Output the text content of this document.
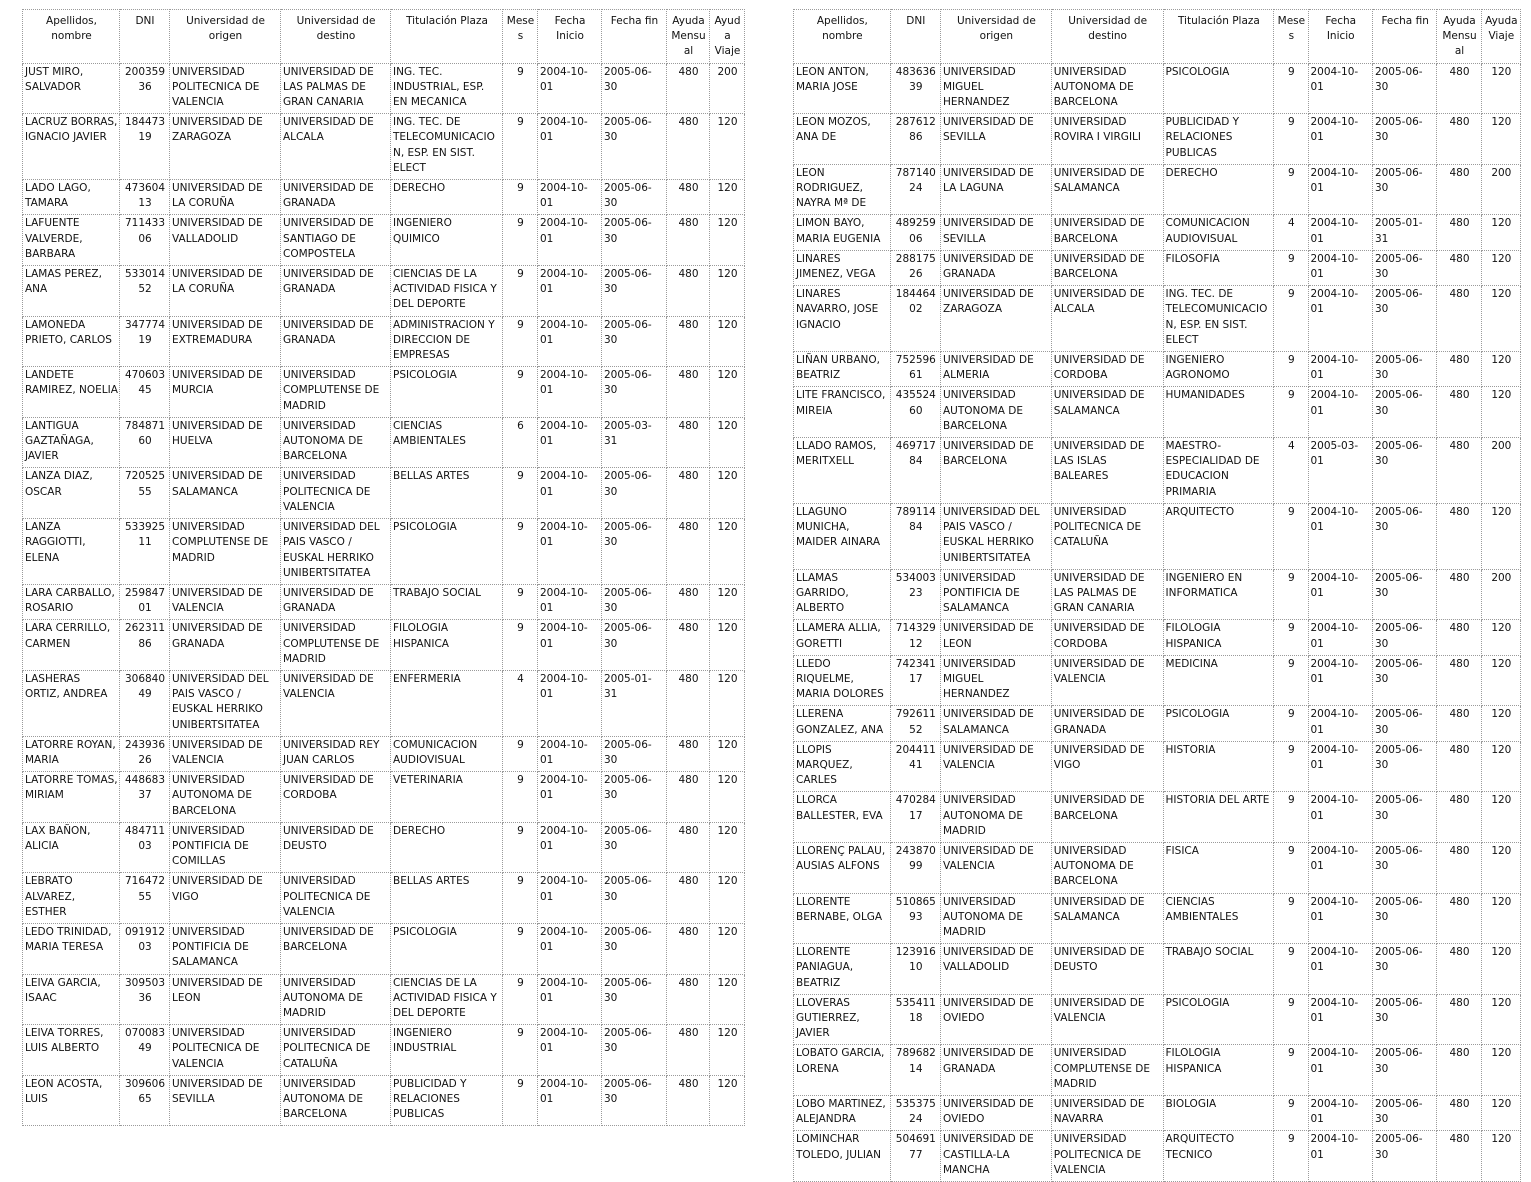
Apellidos, nombre	DNI	Universidad de origen	Universidad de destino	Titulación Plaza	Meses	Fecha Inicio	Fecha fin	Ayuda Mensual	Ayuda Viaje
JUST MIRO, SALVADOR	20035936	UNIVERSIDAD POLITECNICA DE VALENCIA	UNIVERSIDAD DE LAS PALMAS DE GRAN CANARIA	ING. TEC. INDUSTRIAL, ESP. EN MECANICA	9	2004-10-01	2005-06-30	480	200
LACRUZ BORRAS, IGNACIO JAVIER	18447319	UNIVERSIDAD DE ZARAGOZA	UNIVERSIDAD DE ALCALA	ING. TEC. DE TELECOMUNICACION, ESP. EN SIST. ELECT	9	2004-10-01	2005-06-30	480	120
LADO LAGO, TAMARA	47360413	UNIVERSIDAD DE LA CORUÑA	UNIVERSIDAD DE GRANADA	DERECHO	9	2004-10-01	2005-06-30	480	120
LAFUENTE VALVERDE, BARBARA	71143306	UNIVERSIDAD DE VALLADOLID	UNIVERSIDAD DE SANTIAGO DE COMPOSTELA	INGENIERO QUIMICO	9	2004-10-01	2005-06-30	480	120
LAMAS PEREZ, ANA	53301452	UNIVERSIDAD DE LA CORUÑA	UNIVERSIDAD DE GRANADA	CIENCIAS DE LA ACTIVIDAD FISICA Y DEL DEPORTE	9	2004-10-01	2005-06-30	480	120
LAMONEDA PRIETO, CARLOS	34777419	UNIVERSIDAD DE EXTREMADURA	UNIVERSIDAD DE GRANADA	ADMINISTRACION Y DIRECCION DE EMPRESAS	9	2004-10-01	2005-06-30	480	120
LANDETE RAMIREZ, NOELIA	47060345	UNIVERSIDAD DE MURCIA	UNIVERSIDAD COMPLUTENSE DE MADRID	PSICOLOGIA	9	2004-10-01	2005-06-30	480	120
LANTIGUA GAZTAÑAGA, JAVIER	78487160	UNIVERSIDAD DE HUELVA	UNIVERSIDAD AUTONOMA DE BARCELONA	CIENCIAS AMBIENTALES	6	2004-10-01	2005-03-31	480	120
LANZA DIAZ, OSCAR	72052555	UNIVERSIDAD DE SALAMANCA	UNIVERSIDAD POLITECNICA DE VALENCIA	BELLAS ARTES	9	2004-10-01	2005-06-30	480	120
LANZA RAGGIOTTI, ELENA	53392511	UNIVERSIDAD COMPLUTENSE DE MADRID	UNIVERSIDAD DEL PAIS VASCO / EUSKAL HERRIKO UNIBERTSITATEA	PSICOLOGIA	9	2004-10-01	2005-06-30	480	120
LARA CARBALLO, ROSARIO	25984701	UNIVERSIDAD DE VALENCIA	UNIVERSIDAD DE GRANADA	TRABAJO SOCIAL	9	2004-10-01	2005-06-30	480	120
LARA CERRILLO, CARMEN	26231186	UNIVERSIDAD DE GRANADA	UNIVERSIDAD COMPLUTENSE DE MADRID	FILOLOGIA HISPANICA	9	2004-10-01	2005-06-30	480	120
LASHERAS ORTIZ, ANDREA	30684049	UNIVERSIDAD DEL PAIS VASCO / EUSKAL HERRIKO UNIBERTSITATEA	UNIVERSIDAD DE VALENCIA	ENFERMERIA	4	2004-10-01	2005-01-31	480	120
LATORRE ROYAN, MARIA	24393626	UNIVERSIDAD DE VALENCIA	UNIVERSIDAD REY JUAN CARLOS	COMUNICACION AUDIOVISUAL	9	2004-10-01	2005-06-30	480	120
LATORRE TOMAS, MIRIAM	44868337	UNIVERSIDAD AUTONOMA DE BARCELONA	UNIVERSIDAD DE CORDOBA	VETERINARIA	9	2004-10-01	2005-06-30	480	120
LAX BAÑON, ALICIA	48471103	UNIVERSIDAD PONTIFICIA DE COMILLAS	UNIVERSIDAD DE DEUSTO	DERECHO	9	2004-10-01	2005-06-30	480	120
LEBRATO ALVAREZ, ESTHER	71647255	UNIVERSIDAD DE VIGO	UNIVERSIDAD POLITECNICA DE VALENCIA	BELLAS ARTES	9	2004-10-01	2005-06-30	480	120
LEDO TRINIDAD, MARIA TERESA	09191203	UNIVERSIDAD PONTIFICIA DE SALAMANCA	UNIVERSIDAD DE BARCELONA	PSICOLOGIA	9	2004-10-01	2005-06-30	480	120
LEIVA GARCIA, ISAAC	30950336	UNIVERSIDAD DE LEON	UNIVERSIDAD AUTONOMA DE MADRID	CIENCIAS DE LA ACTIVIDAD FISICA Y DEL DEPORTE	9	2004-10-01	2005-06-30	480	120
LEIVA TORRES, LUIS ALBERTO	07008349	UNIVERSIDAD POLITECNICA DE VALENCIA	UNIVERSIDAD POLITECNICA DE CATALUÑA	INGENIERO INDUSTRIAL	9	2004-10-01	2005-06-30	480	120
LEON ACOSTA, LUIS	30960665	UNIVERSIDAD DE SEVILLA	UNIVERSIDAD AUTONOMA DE BARCELONA	PUBLICIDAD Y RELACIONES PUBLICAS	9	2004-10-01	2005-06-30	480	120
Apellidos, nombre	DNI	Universidad de origen	Universidad de destino	Titulación Plaza	Meses	Fecha Inicio	Fecha fin	Ayuda Mensual	Ayuda Viaje
LEON ANTON, MARIA JOSE	48363639	UNIVERSIDAD MIGUEL HERNANDEZ	UNIVERSIDAD AUTONOMA DE BARCELONA	PSICOLOGIA	9	2004-10-01	2005-06-30	480	120
LEON MOZOS, ANA DE	28761286	UNIVERSIDAD DE SEVILLA	UNIVERSIDAD ROVIRA I VIRGILI	PUBLICIDAD Y RELACIONES PUBLICAS	9	2004-10-01	2005-06-30	480	120
LEON RODRIGUEZ, NAYRA Mª DE	78714024	UNIVERSIDAD DE LA LAGUNA	UNIVERSIDAD DE SALAMANCA	DERECHO	9	2004-10-01	2005-06-30	480	200
LIMON BAYO, MARIA EUGENIA	48925906	UNIVERSIDAD DE SEVILLA	UNIVERSIDAD DE BARCELONA	COMUNICACION AUDIOVISUAL	4	2004-10-01	2005-01-31	480	120
LINARES JIMENEZ, VEGA	28817526	UNIVERSIDAD DE GRANADA	UNIVERSIDAD DE BARCELONA	FILOSOFIA	9	2004-10-01	2005-06-30	480	120
LINARES NAVARRO, JOSE IGNACIO	18446402	UNIVERSIDAD DE ZARAGOZA	UNIVERSIDAD DE ALCALA	ING. TEC. DE TELECOMUNICACION, ESP. EN SIST. ELECT	9	2004-10-01	2005-06-30	480	120
LIÑAN URBANO, BEATRIZ	75259661	UNIVERSIDAD DE ALMERIA	UNIVERSIDAD DE CORDOBA	INGENIERO AGRONOMO	9	2004-10-01	2005-06-30	480	120
LITE FRANCISCO, MIREIA	43552460	UNIVERSIDAD AUTONOMA DE BARCELONA	UNIVERSIDAD DE SALAMANCA	HUMANIDADES	9	2004-10-01	2005-06-30	480	120
LLADO RAMOS, MERITXELL	46971784	UNIVERSIDAD DE BARCELONA	UNIVERSIDAD DE LAS ISLAS BALEARES	MAESTRO-ESPECIALIDAD DE EDUCACION PRIMARIA	4	2005-03-01	2005-06-30	480	200
LLAGUNO MUNICHA, MAIDER AINARA	78911484	UNIVERSIDAD DEL PAIS VASCO / EUSKAL HERRIKO UNIBERTSITATEA	UNIVERSIDAD POLITECNICA DE CATALUÑA	ARQUITECTO	9	2004-10-01	2005-06-30	480	120
LLAMAS GARRIDO, ALBERTO	53400323	UNIVERSIDAD PONTIFICIA DE SALAMANCA	UNIVERSIDAD DE LAS PALMAS DE GRAN CANARIA	INGENIERO EN INFORMATICA	9	2004-10-01	2005-06-30	480	200
LLAMERA ALLIA, GORETTI	71432912	UNIVERSIDAD DE LEON	UNIVERSIDAD DE CORDOBA	FILOLOGIA HISPANICA	9	2004-10-01	2005-06-30	480	120
LLEDO RIQUELME, MARIA DOLORES	74234117	UNIVERSIDAD MIGUEL HERNANDEZ	UNIVERSIDAD DE VALENCIA	MEDICINA	9	2004-10-01	2005-06-30	480	120
LLERENA GONZALEZ, ANA	79261152	UNIVERSIDAD DE SALAMANCA	UNIVERSIDAD DE GRANADA	PSICOLOGIA	9	2004-10-01	2005-06-30	480	120
LLOPIS MARQUEZ, CARLES	20441141	UNIVERSIDAD DE VALENCIA	UNIVERSIDAD DE VIGO	HISTORIA	9	2004-10-01	2005-06-30	480	120
LLORCA BALLESTER, EVA	47028417	UNIVERSIDAD AUTONOMA DE MADRID	UNIVERSIDAD DE BARCELONA	HISTORIA DEL ARTE	9	2004-10-01	2005-06-30	480	120
LLORENÇ PALAU, AUSIAS ALFONS	24387099	UNIVERSIDAD DE VALENCIA	UNIVERSIDAD AUTONOMA DE BARCELONA	FISICA	9	2004-10-01	2005-06-30	480	120
LLORENTE BERNABE, OLGA	51086593	UNIVERSIDAD AUTONOMA DE MADRID	UNIVERSIDAD DE SALAMANCA	CIENCIAS AMBIENTALES	9	2004-10-01	2005-06-30	480	120
LLORENTE PANIAGUA, BEATRIZ	12391610	UNIVERSIDAD DE VALLADOLID	UNIVERSIDAD DE DEUSTO	TRABAJO SOCIAL	9	2004-10-01	2005-06-30	480	120
LLOVERAS GUTIERREZ, JAVIER	53541118	UNIVERSIDAD DE OVIEDO	UNIVERSIDAD DE VALENCIA	PSICOLOGIA	9	2004-10-01	2005-06-30	480	120
LOBATO GARCIA, LORENA	78968214	UNIVERSIDAD DE GRANADA	UNIVERSIDAD COMPLUTENSE DE MADRID	FILOLOGIA HISPANICA	9	2004-10-01	2005-06-30	480	120
LOBO MARTINEZ, ALEJANDRA	53537524	UNIVERSIDAD DE OVIEDO	UNIVERSIDAD DE NAVARRA	BIOLOGIA	9	2004-10-01	2005-06-30	480	120
LOMINCHAR TOLEDO, JULIAN	50469177	UNIVERSIDAD DE CASTILLA-LA MANCHA	UNIVERSIDAD POLITECNICA DE VALENCIA	ARQUITECTO TECNICO	9	2004-10-01	2005-06-30	480	120
